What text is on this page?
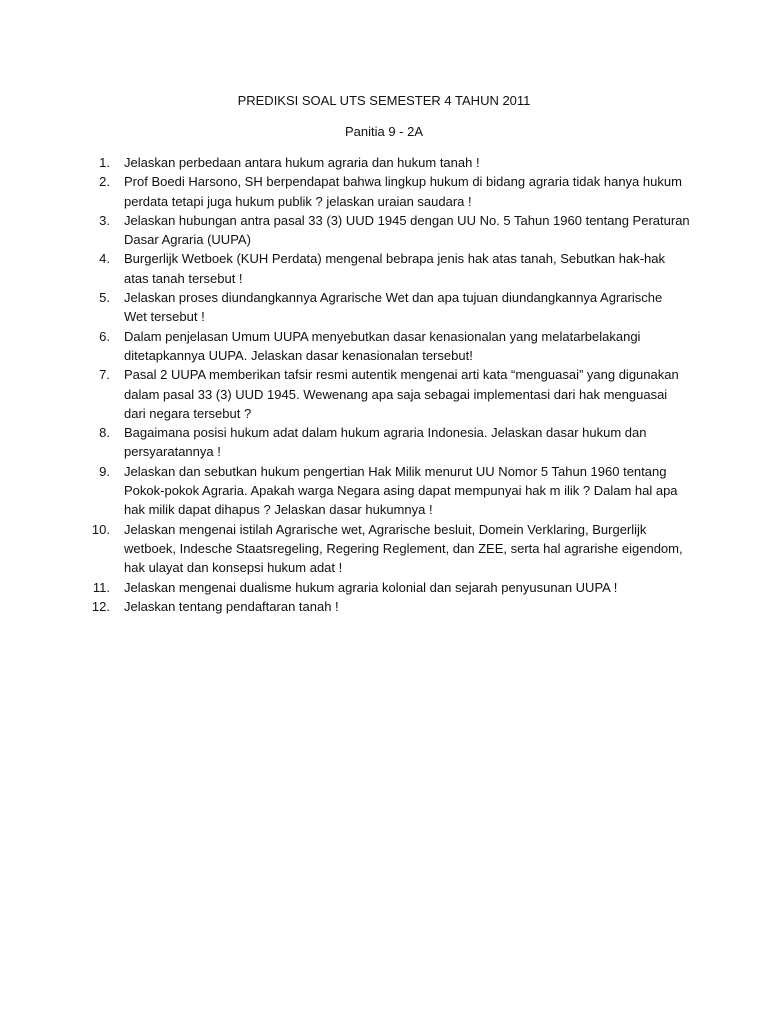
PREDIKSI SOAL UTS SEMESTER 4 TAHUN 2011
Panitia 9 - 2A
1.	Jelaskan perbedaan antara hukum agraria dan hukum tanah !
2.	Prof Boedi Harsono, SH berpendapat bahwa lingkup hukum di bidang agraria tidak hanya hukum
perdata tetapi juga hukum publik ? jelaskan uraian saudara !
3.	Jelaskan hubungan antra pasal 33 (3) UUD 1945 dengan UU No. 5 Tahun 1960 tentang Peraturan
Dasar Agraria (UUPA)
4.	Burgerlijk Wetboek (KUH Perdata) mengenal bebrapa jenis hak atas tanah, Sebutkan hak-hak
atas tanah tersebut !
5.	Jelaskan proses diundangkannya Agrarische Wet dan apa tujuan diundangkannya Agrarische
Wet tersebut !
6.	Dalam penjelasan Umum UUPA menyebutkan dasar kenasionalan yang melatarbelakangi
ditetapkannya UUPA. Jelaskan dasar kenasionalan tersebut!
7.	Pasal 2 UUPA memberikan tafsir resmi autentik mengenai arti kata “menguasai” yang digunakan
dalam pasal 33 (3) UUD 1945. Wewenang apa saja sebagai implementasi dari hak menguasai
dari negara tersebut ?
8.	Bagaimana posisi hukum adat dalam hukum agraria Indonesia. Jelaskan dasar hukum dan
persyaratannya !
9.	Jelaskan dan sebutkan hukum pengertian Hak Milik menurut UU Nomor 5 Tahun 1960 tentang
Pokok-pokok Agraria. Apakah warga Negara asing dapat mempunyai hak m ilik ? Dalam hal apa
hak milik dapat dihapus ? Jelaskan dasar hukumnya !
10.	Jelaskan mengenai istilah Agrarische wet, Agrarische besluit, Domein Verklaring, Burgerlijk
wetboek, Indesche Staatsregeling, Regering Reglement, dan ZEE, serta hal agrarishe eigendom,
hak ulayat dan konsepsi hukum adat !
11.	Jelaskan mengenai dualisme hukum agraria kolonial dan sejarah penyusunan UUPA !
12.	Jelaskan tentang pendaftaran tanah !
